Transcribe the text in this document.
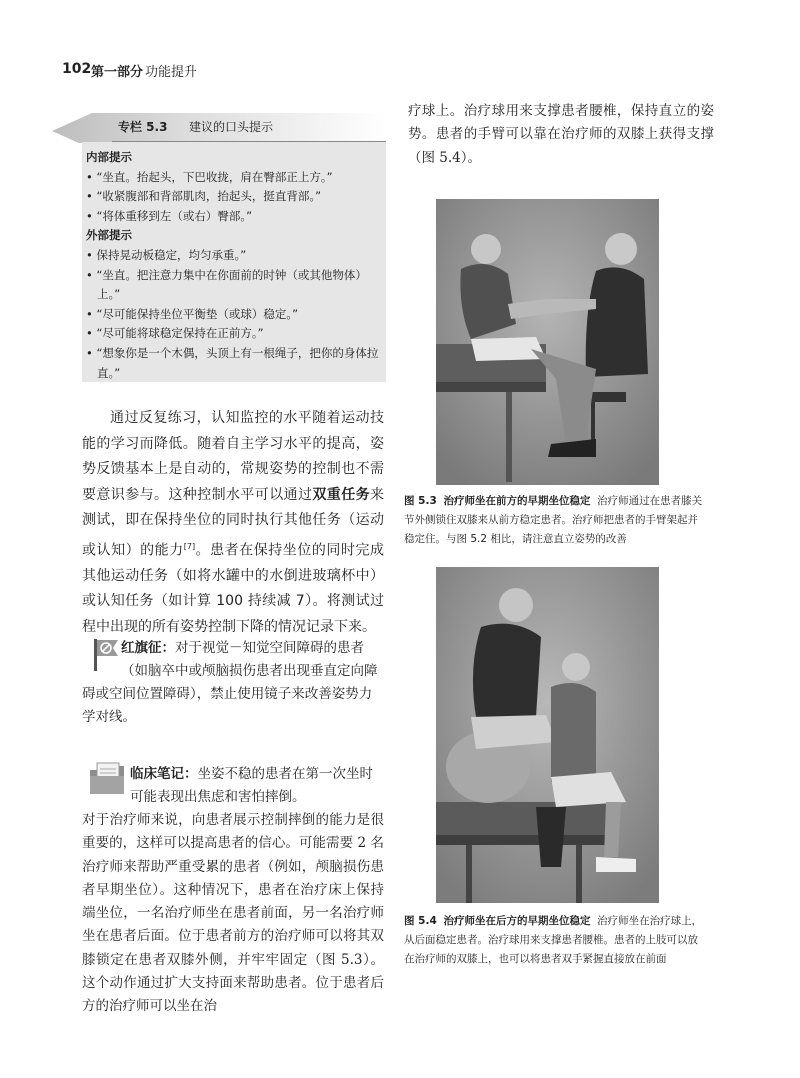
102 第一部分 功能提升
专栏 5.3 建议的口头提示
内部提示
• “坐直。抬起头，下巴收拢，肩在臀部正上方。”
• “收紧腹部和背部肌肉，抬起头，挺直背部。”
• “将体重移到左（或右）臀部。”
外部提示
• 保持晃动板稳定，均匀承重。”
• “坐直。把注意力集中在你面前的时钟（或其他物体）上。”
• “尽可能保持坐位平衡垫（或球）稳定。”
• “尽可能将球稳定保持在正前方。”
• “想象你是一个木偶，头顶上有一根绳子，把你的身体拉直。”
通过反复练习，认知监控的水平随着运动技能的学习而降低。随着自主学习水平的提高，姿势反馈基本上是自动的，常规姿势的控制也不需要意识参与。这种控制水平可以通过双重任务来测试，即在保持坐位的同时执行其他任务（运动或认知）的能力[7]。患者在保持坐位的同时完成其他运动任务（如将水罐中的水倒进玻璃杯中）或认知任务（如计算 100 持续减 7）。将测试过程中出现的所有姿势控制下降的情况记录下来。
红旗征：对于视觉－知觉空间障碍的患者（如脑卒中或颅脑损伤患者出现垂直定向障
碍或空间位置障碍），禁止使用镜子来改善姿势力学对线。
临床笔记：坐姿不稳的患者在第一次坐时可能表现出焦虑和害怕摔倒。
对于治疗师来说，向患者展示控制摔倒的能力是很重要的，这样可以提高患者的信心。可能需要 2 名治疗师来帮助严重受累的患者（例如，颅脑损伤患者早期坐位）。这种情况下，患者在治疗床上保持端坐位，一名治疗师坐在患者前面，另一名治疗师坐在患者后面。位于患者前方的治疗师可以将其双膝锁定在患者双膝外侧，并牢牢固定（图 5.3）。这个动作通过扩大支持面来帮助患者。位于患者后方的治疗师可以坐在治
疗球上。治疗球用来支撑患者腰椎，保持直立的姿势。患者的手臂可以靠在治疗师的双膝上获得支撑（图 5.4）。
图 5.3 治疗师坐在前方的早期坐位稳定 治疗师通过在患者膝关节外侧锁住双膝来从前方稳定患者。治疗师把患者的手臂架起并稳定住。与图 5.2 相比，请注意直立姿势的改善
图 5.4 治疗师坐在后方的早期坐位稳定 治疗师坐在治疗球上，从后面稳定患者。治疗球用来支撑患者腰椎。患者的上肢可以放在治疗师的双膝上，也可以将患者双手紧握直接放在前面
